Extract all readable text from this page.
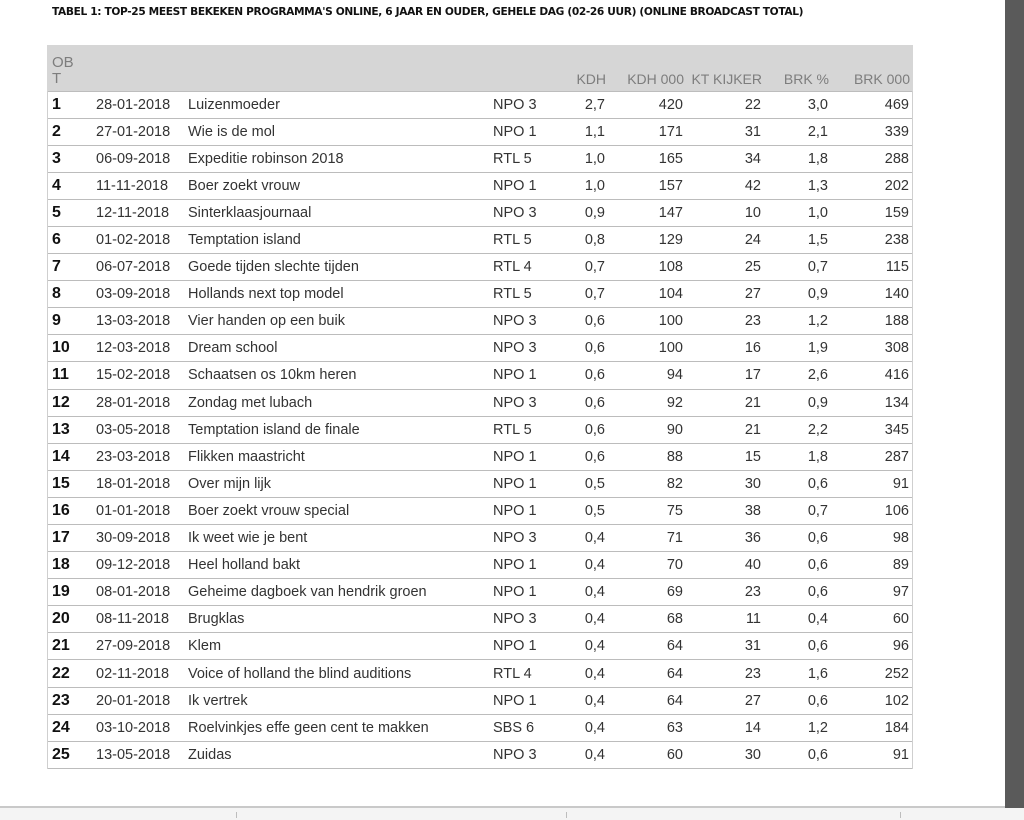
TABEL 1: TOP-25 MEEST BEKEKEN PROGRAMMA'S ONLINE, 6 JAAR EN OUDER, GEHELE DAG (02-26 UUR) (ONLINE BROADCAST TOTAL)
OB
T				KDH	KDH 000	KT KIJKER	BRK %	BRK 000
1	28-01-2018	Luizenmoeder	NPO 3	2,7	420	22	3,0	469
2	27-01-2018	Wie is de mol	NPO 1	1,1	171	31	2,1	339
3	06-09-2018	Expeditie robinson 2018	RTL 5	1,0	165	34	1,8	288
4	11-11-2018	Boer zoekt vrouw	NPO 1	1,0	157	42	1,3	202
5	12-11-2018	Sinterklaasjournaal	NPO 3	0,9	147	10	1,0	159
6	01-02-2018	Temptation island	RTL 5	0,8	129	24	1,5	238
7	06-07-2018	Goede tijden slechte tijden	RTL 4	0,7	108	25	0,7	115
8	03-09-2018	Hollands next top model	RTL 5	0,7	104	27	0,9	140
9	13-03-2018	Vier handen op een buik	NPO 3	0,6	100	23	1,2	188
10	12-03-2018	Dream school	NPO 3	0,6	100	16	1,9	308
11	15-02-2018	Schaatsen os 10km heren	NPO 1	0,6	94	17	2,6	416
12	28-01-2018	Zondag met lubach	NPO 3	0,6	92	21	0,9	134
13	03-05-2018	Temptation island de finale	RTL 5	0,6	90	21	2,2	345
14	23-03-2018	Flikken maastricht	NPO 1	0,6	88	15	1,8	287
15	18-01-2018	Over mijn lijk	NPO 1	0,5	82	30	0,6	91
16	01-01-2018	Boer zoekt vrouw special	NPO 1	0,5	75	38	0,7	106
17	30-09-2018	Ik weet wie je bent	NPO 3	0,4	71	36	0,6	98
18	09-12-2018	Heel holland bakt	NPO 1	0,4	70	40	0,6	89
19	08-01-2018	Geheime dagboek van hendrik groen	NPO 1	0,4	69	23	0,6	97
20	08-11-2018	Brugklas	NPO 3	0,4	68	11	0,4	60
21	27-09-2018	Klem	NPO 1	0,4	64	31	0,6	96
22	02-11-2018	Voice of holland the blind auditions	RTL 4	0,4	64	23	1,6	252
23	20-01-2018	Ik vertrek	NPO 1	0,4	64	27	0,6	102
24	03-10-2018	Roelvinkjes effe geen cent te makken	SBS 6	0,4	63	14	1,2	184
25	13-05-2018	Zuidas	NPO 3	0,4	60	30	0,6	91
